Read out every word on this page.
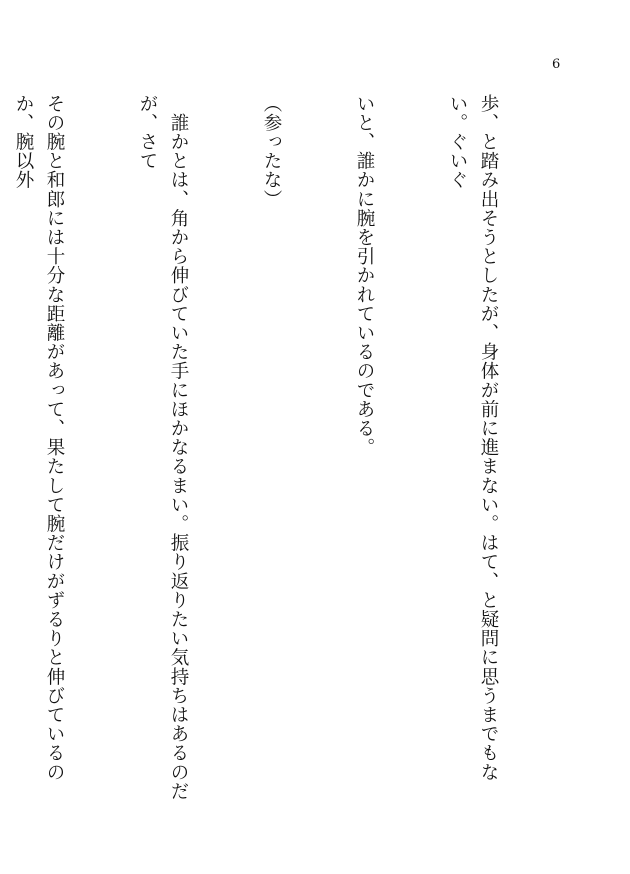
6

歩、と踏み出そうとしたが、身体が前に進まない。はて、と疑問に思うまでもない。ぐいぐ

いと、誰かに腕を引かれているのである。

（参ったな）

　誰かとは、角から伸びていた手にほかなるまい。振り返りたい気持ちはあるのだが、さて

その腕と和郎には十分な距離があって、果たして腕だけがずるりと伸びているのか、腕以外
